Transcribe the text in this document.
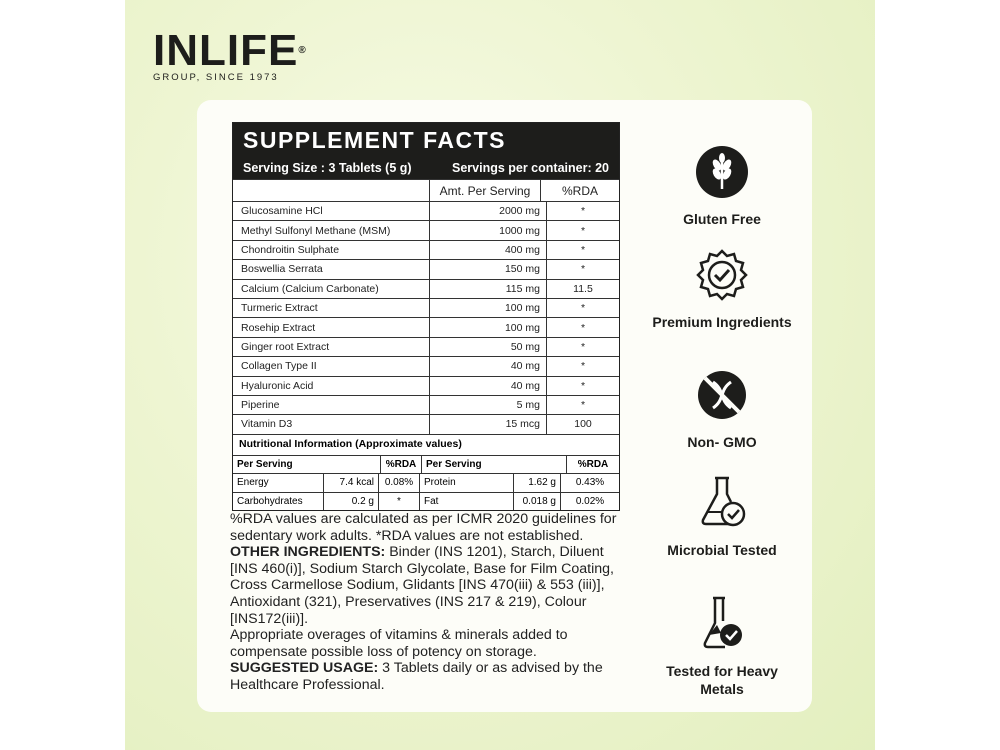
INLIFE®
GROUP, SINCE 1973
SUPPLEMENT FACTS
Serving Size : 3 Tablets (5 g)	Servings per container: 20
Amt. Per Serving	%RDA
Glucosamine HCl	2000 mg	*
Methyl Sulfonyl Methane (MSM)	1000 mg	*
Chondroitin Sulphate	400 mg	*
Boswellia Serrata	150 mg	*
Calcium (Calcium Carbonate)	115 mg	11.5
Turmeric Extract	100 mg	*
Rosehip Extract	100 mg	*
Ginger root Extract	50 mg	*
Collagen Type II	40 mg	*
Hyaluronic Acid	40 mg	*
Piperine	5 mg	*
Vitamin D3	15 mcg	100
Nutritional Information (Approximate values)
Per Serving	%RDA Per Serving	%RDA
Energy	7.4 kcal	0.08%	Protein	1.62 g	0.43%
Carbohydrates	0.2 g	*	Fat	0.018 g	0.02%
%RDA values are calculated as per ICMR 2020 guidelines for sedentary work adults. *RDA values are not established.
OTHER INGREDIENTS: Binder (INS 1201), Starch, Diluent [INS 460(i)], Sodium Starch Glycolate, Base for Film Coating, Cross Carmellose Sodium, Glidants [INS 470(iii) & 553 (iii)], Antioxidant (321), Preservatives (INS 217 & 219), Colour [INS172(iii)].
Appropriate overages of vitamins & minerals added to compensate possible loss of potency on storage.
SUGGESTED USAGE: 3 Tablets daily or as advised by the Healthcare Professional.
Gluten Free
Premium Ingredients
Non- GMO
Microbial Tested
Tested for Heavy Metals
